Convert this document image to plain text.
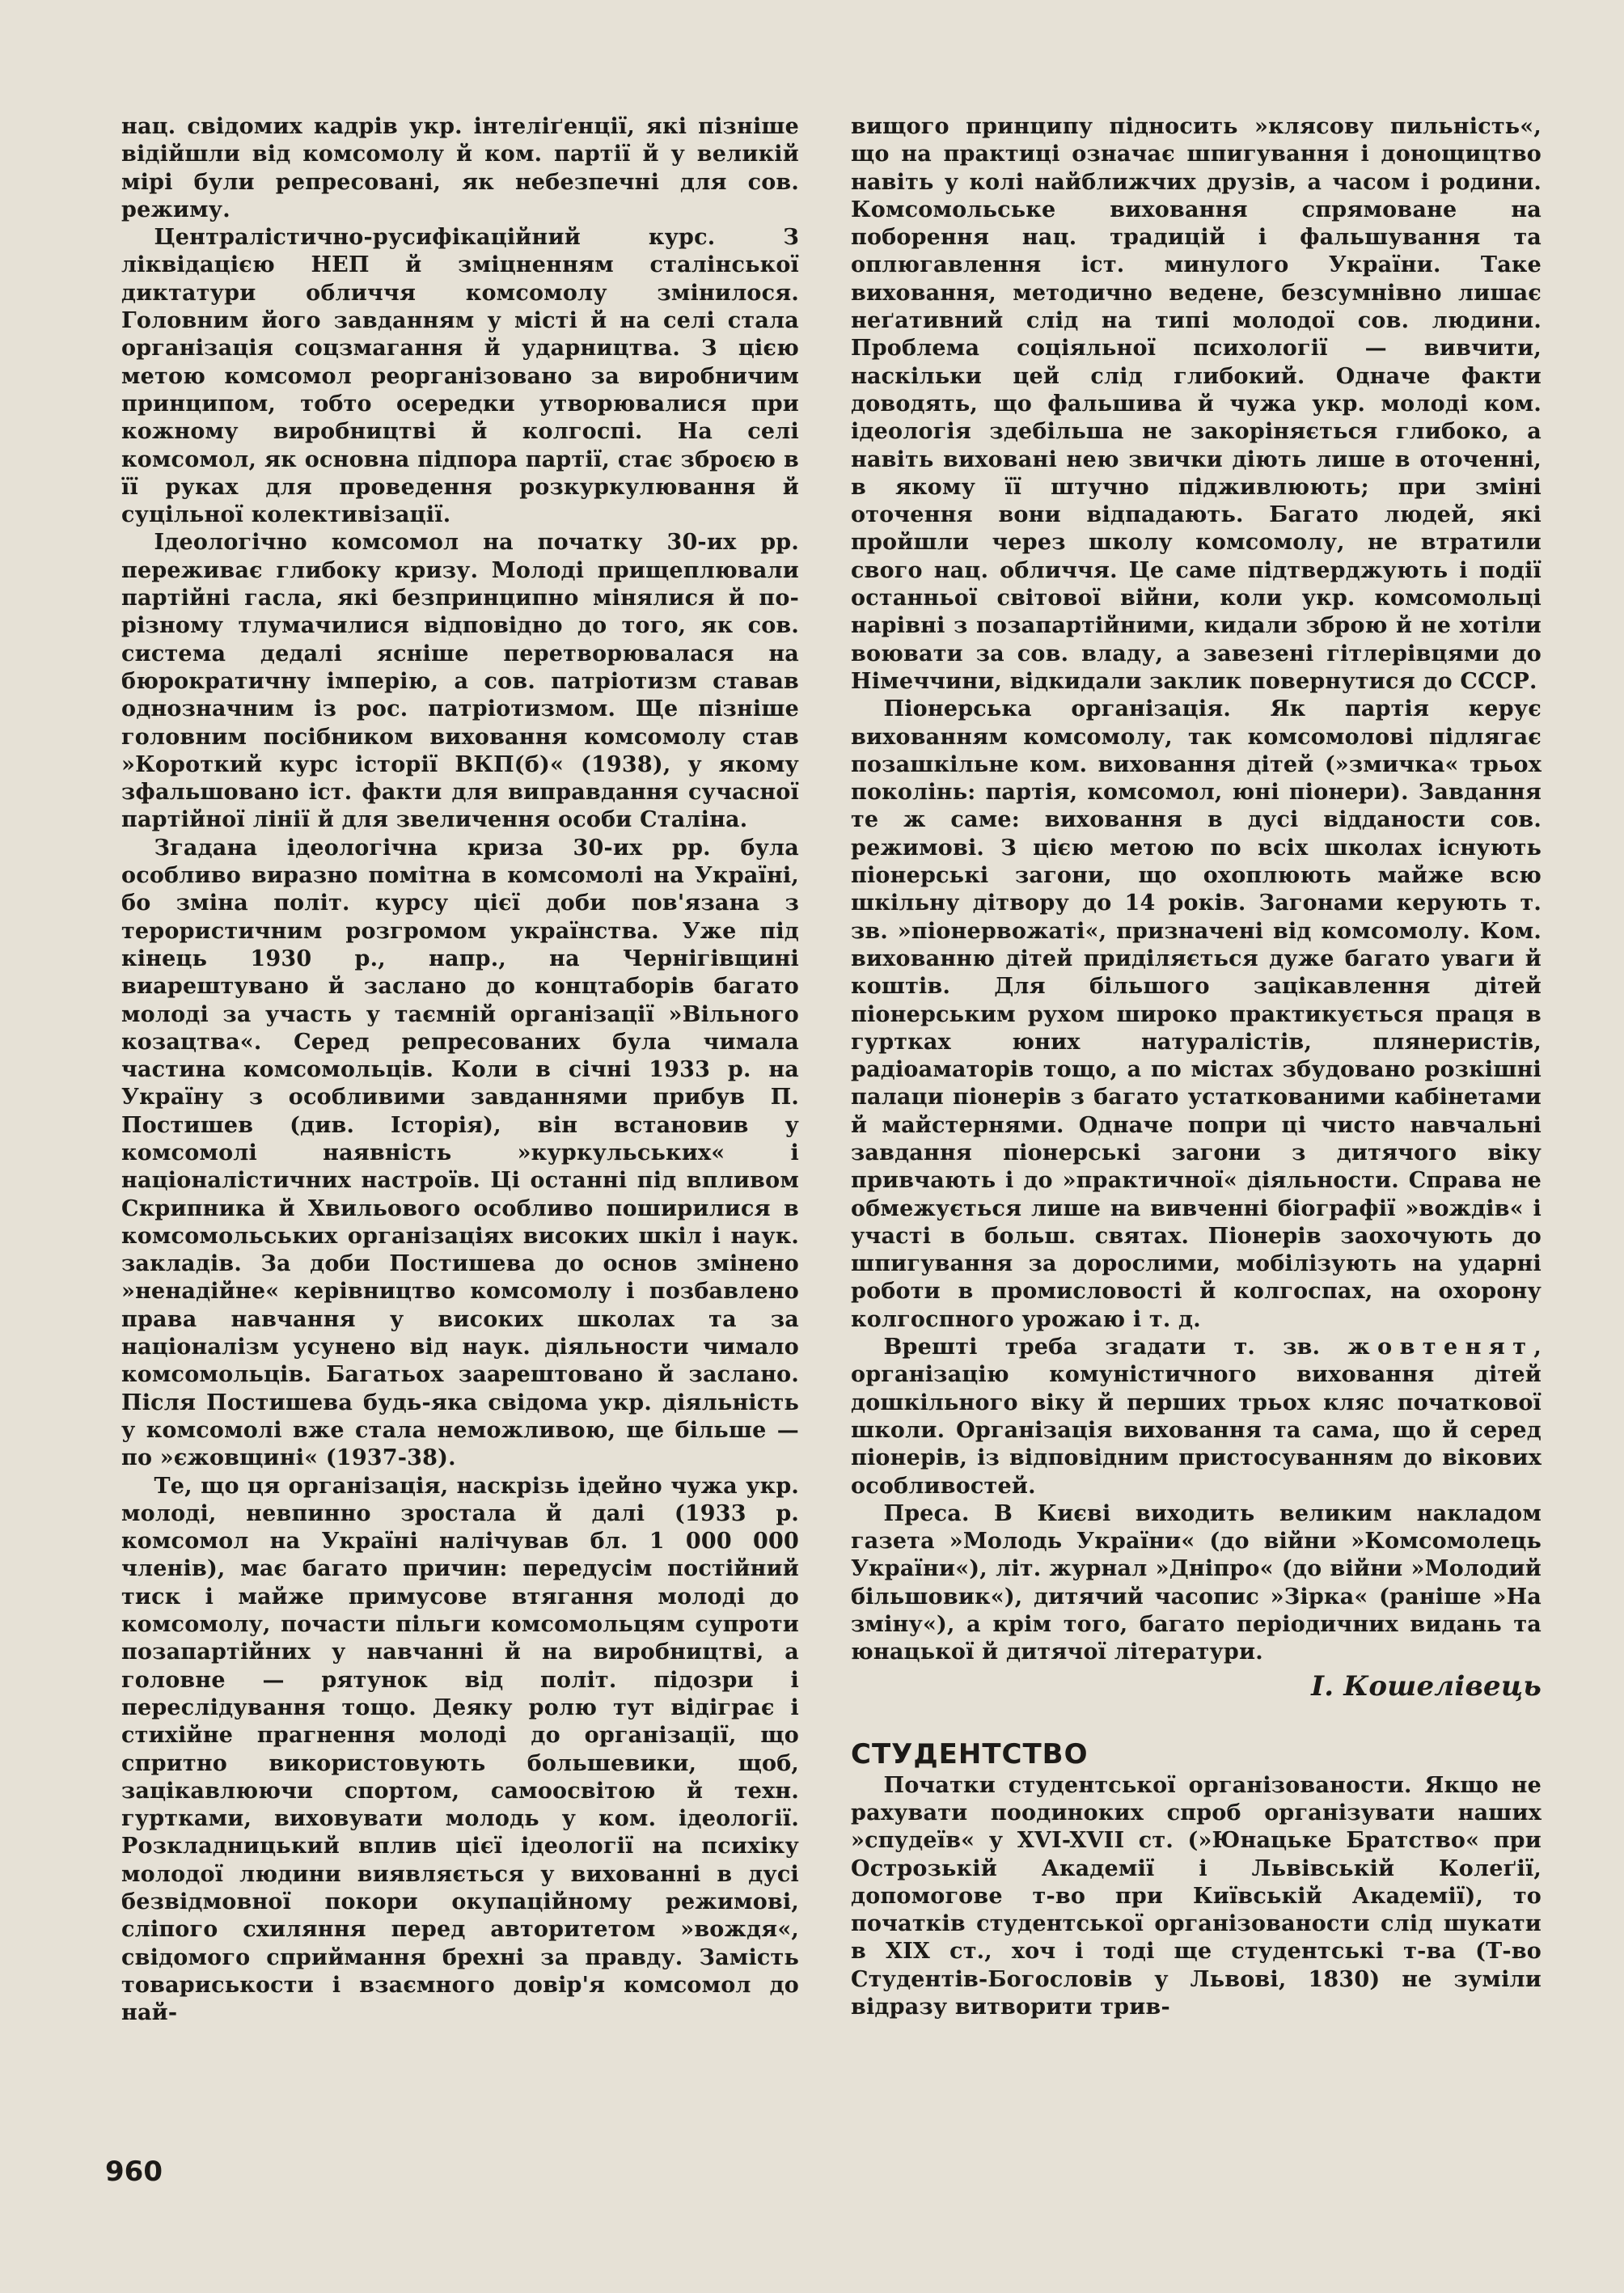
нац. свідомих кадрів укр. інтеліґенції, які пізніше відійшли від комсомолу й ком. партії й у великій мірі були репресовані, як небезпечні для сов. режиму.

Централістично-русифікаційний курс. З ліквідацією НЕП й зміцненням сталінської диктатури обличчя комсомолу змінилося. Головним його завданням у місті й на селі стала організація соцзмагання й ударництва. З цією метою комсомол реорганізовано за виробничим принципом, тобто осередки утворювалися при кожному виробництві й колгоспі. На селі комсомол, як основна підпора партії, стає зброєю в її руках для проведення розкуркулювання й суцільної колективізації.

Ідеологічно комсомол на початку 30-их рр. переживає глибоку кризу. Молоді прищеплювали партійні гасла, які безпринципно мінялися й по-різному тлумачилися відповідно до того, як сов. система дедалі ясніше перетворювалася на бюрократичну імперію, а сов. патріотизм ставав однозначним із рос. патріотизмом. Ще пізніше головним посібником виховання комсомолу став »Короткий курс історії ВКП(б)« (1938), у якому зфальшовано іст. факти для виправдання сучасної партійної лінії й для звеличення особи Сталіна.

Згадана ідеологічна криза 30-их рр. була особливо виразно помітна в комсомолі на Україні, бо зміна політ. курсу цієї доби пов'язана з терористичним розгромом українства. Уже під кінець 1930 р., напр., на Чернігівщині виарештувано й заслано до концтаборів багато молоді за участь у таємній організації »Вільного козацтва«. Серед репресованих була чимала частина комсомольців. Коли в січні 1933 р. на Україну з особливими завданнями прибув П. Постишев (див. Історія), він встановив у комсомолі наявність »куркульських« і націоналістичних настроїв. Ці останні під впливом Скрипника й Хвильового особливо поширилися в комсомольських організаціях високих шкіл і наук. закладів. За доби Постишева до основ змінено »ненадійне« керівництво комсомолу і позбавлено права навчання у високих школах та за націоналізм усунено від наук. діяльности чимало комсомольців. Багатьох заарештовано й заслано. Після Постишева будь-яка свідома укр. діяльність у комсомолі вже стала неможливою, ще більше — по »єжовщині« (1937-38).

Те, що ця організація, наскрізь ідейно чужа укр. молоді, невпинно зростала й далі (1933 р. комсомол на Україні налічував бл. 1 000 000 членів), має багато причин: передусім постійний тиск і майже примусове втягання молоді до комсомолу, почасти пільги комсомольцям супроти позапартійних у навчанні й на виробництві, а головне — рятунок від політ. підозри і переслідування тощо. Деяку ролю тут відіграє і стихійне прагнення молоді до організації, що спритно використовують большевики, щоб, зацікавлюючи спортом, самоосвітою й техн. гуртками, виховувати молодь у ком. ідеології. Розкладницький вплив цієї ідеології на психіку молодої людини виявляється у вихованні в дусі безвідмовної покори окупаційному режимові, сліпого схиляння перед авторитетом »вождя«, свідомого сприймання брехні за правду. Замість товариськости і взаємного довір'я комсомол до най-

вищого принципу підносить »клясову пильність«, що на практиці означає шпигування і донощицтво навіть у колі найближчих друзів, а часом і родини. Комсомольське виховання спрямоване на поборення нац. традицій і фальшування та оплюгавлення іст. минулого України. Таке виховання, методично ведене, безсумнівно лишає неґативний слід на типі молодої сов. людини. Проблема соціяльної психології — вивчити, наскільки цей слід глибокий. Одначе факти доводять, що фальшива й чужа укр. молоді ком. ідеологія здебільша не закоріняється глибоко, а навіть виховані нею звички діють лише в оточенні, в якому її штучно підживлюють; при зміні оточення вони відпадають. Багато людей, які пройшли через школу комсомолу, не втратили свого нац. обличчя. Це саме підтверджують і події останньої світової війни, коли укр. комсомольці нарівні з позапартійними, кидали зброю й не хотіли воювати за сов. владу, а завезені гітлерівцями до Німеччини, відкидали заклик повернутися до СССР.

Піонерська організація. Як партія керує вихованням комсомолу, так комсомолові підлягає позашкільне ком. виховання дітей (»змичка« трьох поколінь: партія, комсомол, юні піонери). Завдання те ж саме: виховання в дусі відданости сов. режимові. З цією метою по всіх школах існують піонерські загони, що охоплюють майже всю шкільну дітвору до 14 років. Загонами керують т. зв. »піонервожаті«, призначені від комсомолу. Ком. вихованню дітей приділяється дуже багато уваги й коштів. Для більшого зацікавлення дітей піонерським рухом широко практикується праця в гуртках юних натуралістів, плянеристів, радіоаматорів тощо, а по містах збудовано розкішні палаци піонерів з багато устаткованими кабінетами й майстернями. Одначе попри ці чисто навчальні завдання піонерські загони з дитячого віку привчають і до »практичної« діяльности. Справа не обмежується лише на вивченні біографії »вождів« і участі в больш. святах. Піонерів заохочують до шпигування за дорослими, мобілізують на ударні роботи в промисловості й колгоспах, на охорону колгоспного урожаю і т. д.

Врешті треба згадати т. зв. жовтенят, організацію комуністичного виховання дітей дошкільного віку й перших трьох кляс початкової школи. Організація виховання та сама, що й серед піонерів, із відповідним пристосуванням до вікових особливостей.

Преса. В Києві виходить великим накладом газета »Молодь України« (до війни »Комсомолець України«), літ. журнал »Дніпро« (до війни »Молодий більшовик«), дитячий часопис »Зірка« (раніше »На зміну«), а крім того, багато періодичних видань та юнацької й дитячої літератури.

І. Кошелівець
СТУДЕНТСТВО

Початки студентської організованости. Якщо не рахувати поодиноких спроб організувати наших »спудеїв« у XVI-XVII ст. (»Юнацьке Братство« при Острозькій Академії і Львівській Колеґії, допомогове т-во при Київській Академії), то початків студентської організованости слід шукати в XIX ст., хоч і тоді ще студентські т-ва (Т-во Студентів-Богословів у Львові, 1830) не зуміли відразу витворити трив-

960
